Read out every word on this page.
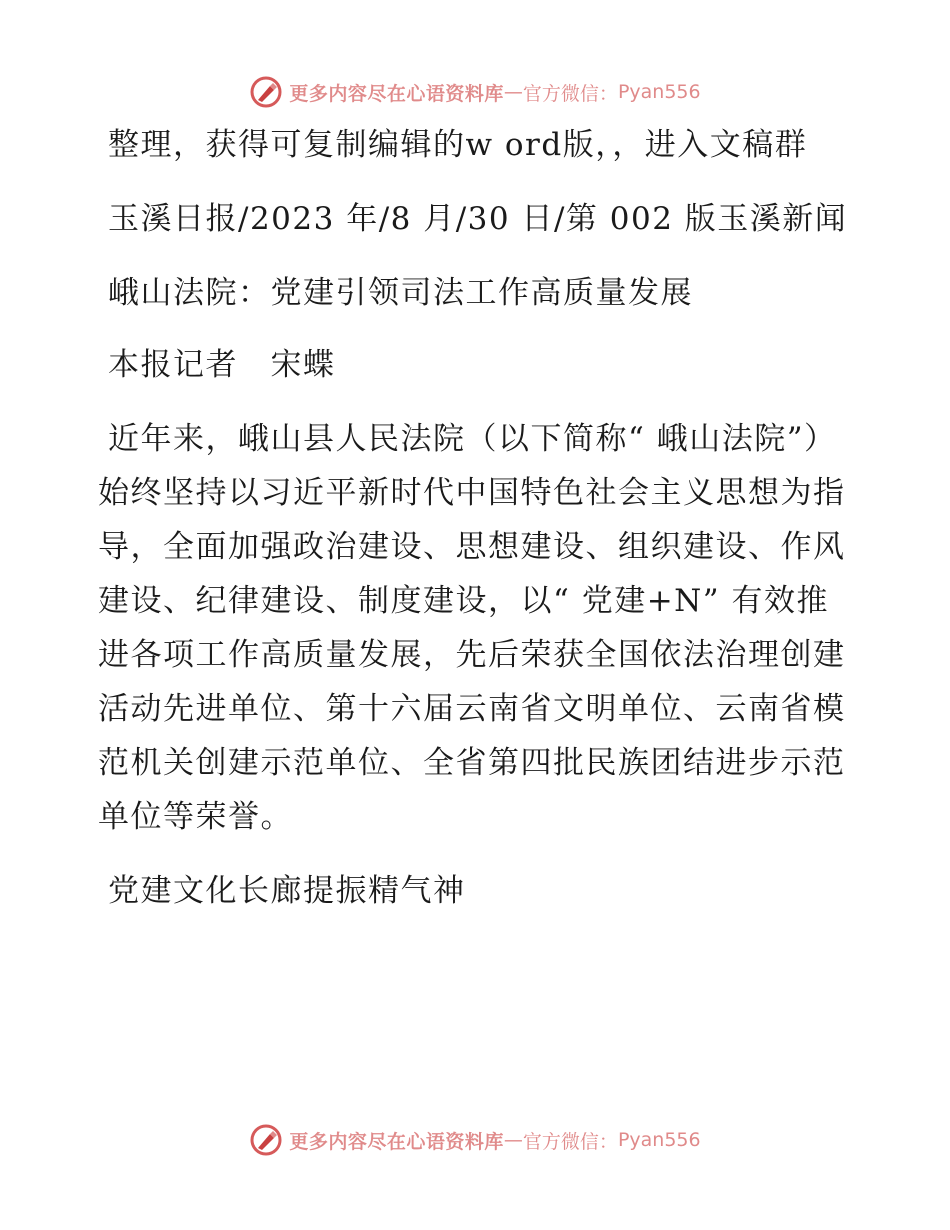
更多内容尽在心语资料库 — 官方微信： Pyan556

整理，获得可复制编辑的w ord版，，进入文稿群

玉溪日报/2023 年/8 月/30 日/第 002 版玉溪新闻

峨山法院：党建引领司法工作高质量发展

本报记者　宋蝶

近年来，峨山县人民法院（以下简称“ 峨山法院”）始终坚持以习近平新时代中国特色社会主义思想为指导，全面加强政治建设、思想建设、组织建设、作风建设、纪律建设、制度建设，以“ 党建+N” 有效推进各项工作高质量发展，先后荣获全国依法治理创建活动先进单位、第十六届云南省文明单位、云南省模范机关创建示范单位、全省第四批民族团结进步示范单位等荣誉。

党建文化长廊提振精气神

更多内容尽在心语资料库 — 官方微信： Pyan556
